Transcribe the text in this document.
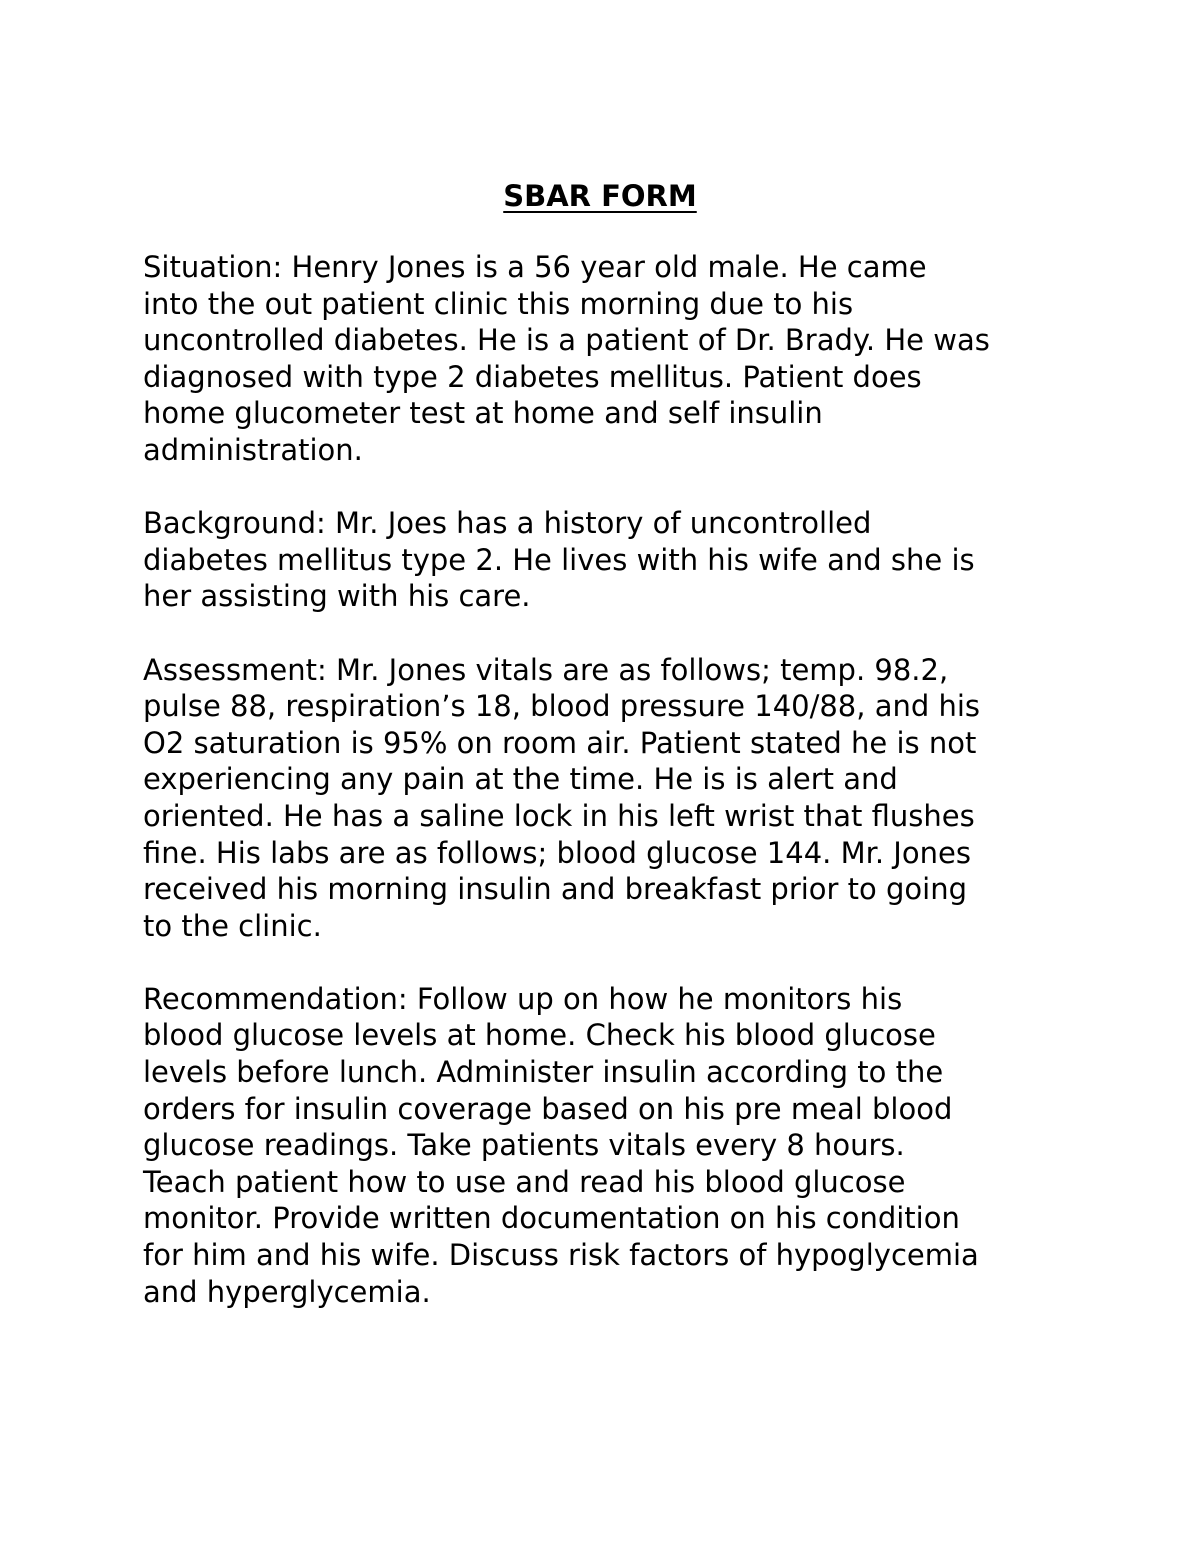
SBAR FORM

Situation: Henry Jones is a 56 year old male. He came
into the out patient clinic this morning due to his
uncontrolled diabetes. He is a patient of Dr. Brady. He was
diagnosed with type 2 diabetes mellitus. Patient does
home glucometer test at home and self insulin
administration.

Background: Mr. Joes has a history of uncontrolled
diabetes mellitus type 2. He lives with his wife and she is
her assisting with his care.

Assessment: Mr. Jones vitals are as follows; temp. 98.2,
pulse 88, respiration’s 18, blood pressure 140/88, and his
O2 saturation is 95% on room air. Patient stated he is not
experiencing any pain at the time. He is is alert and
oriented. He has a saline lock in his left wrist that flushes
fine. His labs are as follows; blood glucose 144. Mr. Jones
received his morning insulin and breakfast prior to going
to the clinic.

Recommendation: Follow up on how he monitors his
blood glucose levels at home. Check his blood glucose
levels before lunch. Administer insulin according to the
orders for insulin coverage based on his pre meal blood
glucose readings. Take patients vitals every 8 hours.
Teach patient how to use and read his blood glucose
monitor. Provide written documentation on his condition
for him and his wife. Discuss risk factors of hypoglycemia
and hyperglycemia.
